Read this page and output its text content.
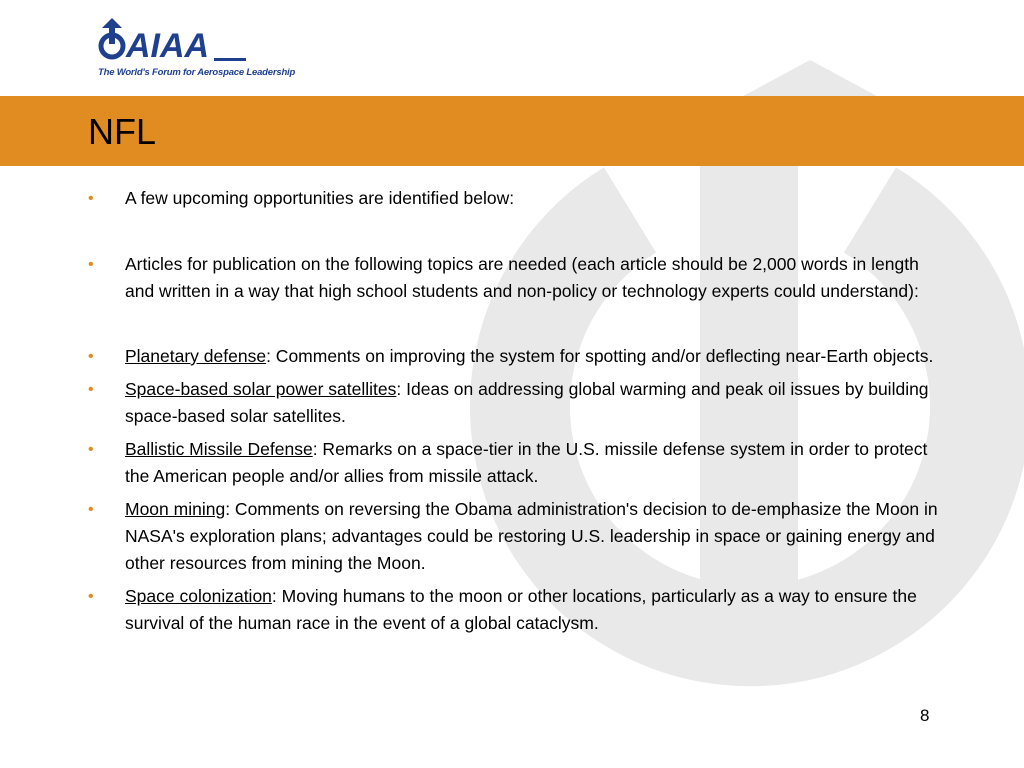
AIAA
The World's Forum for Aerospace Leadership
NFL
• A few upcoming opportunities are identified below:
• Articles for publication on the following topics are needed (each article should be 2,000 words in length and written in a way that high school students and non-policy or technology experts could understand):
• Planetary defense: Comments on improving the system for spotting and/or deflecting near-Earth objects.
• Space-based solar power satellites: Ideas on addressing global warming and peak oil issues by building space-based solar satellites.
• Ballistic Missile Defense: Remarks on a space-tier in the U.S. missile defense system in order to protect the American people and/or allies from missile attack.
• Moon mining: Comments on reversing the Obama administration's decision to de-emphasize the Moon in NASA's exploration plans; advantages could be restoring U.S. leadership in space or gaining energy and other resources from mining the Moon.
• Space colonization: Moving humans to the moon or other locations, particularly as a way to ensure the survival of the human race in the event of a global cataclysm.
8
